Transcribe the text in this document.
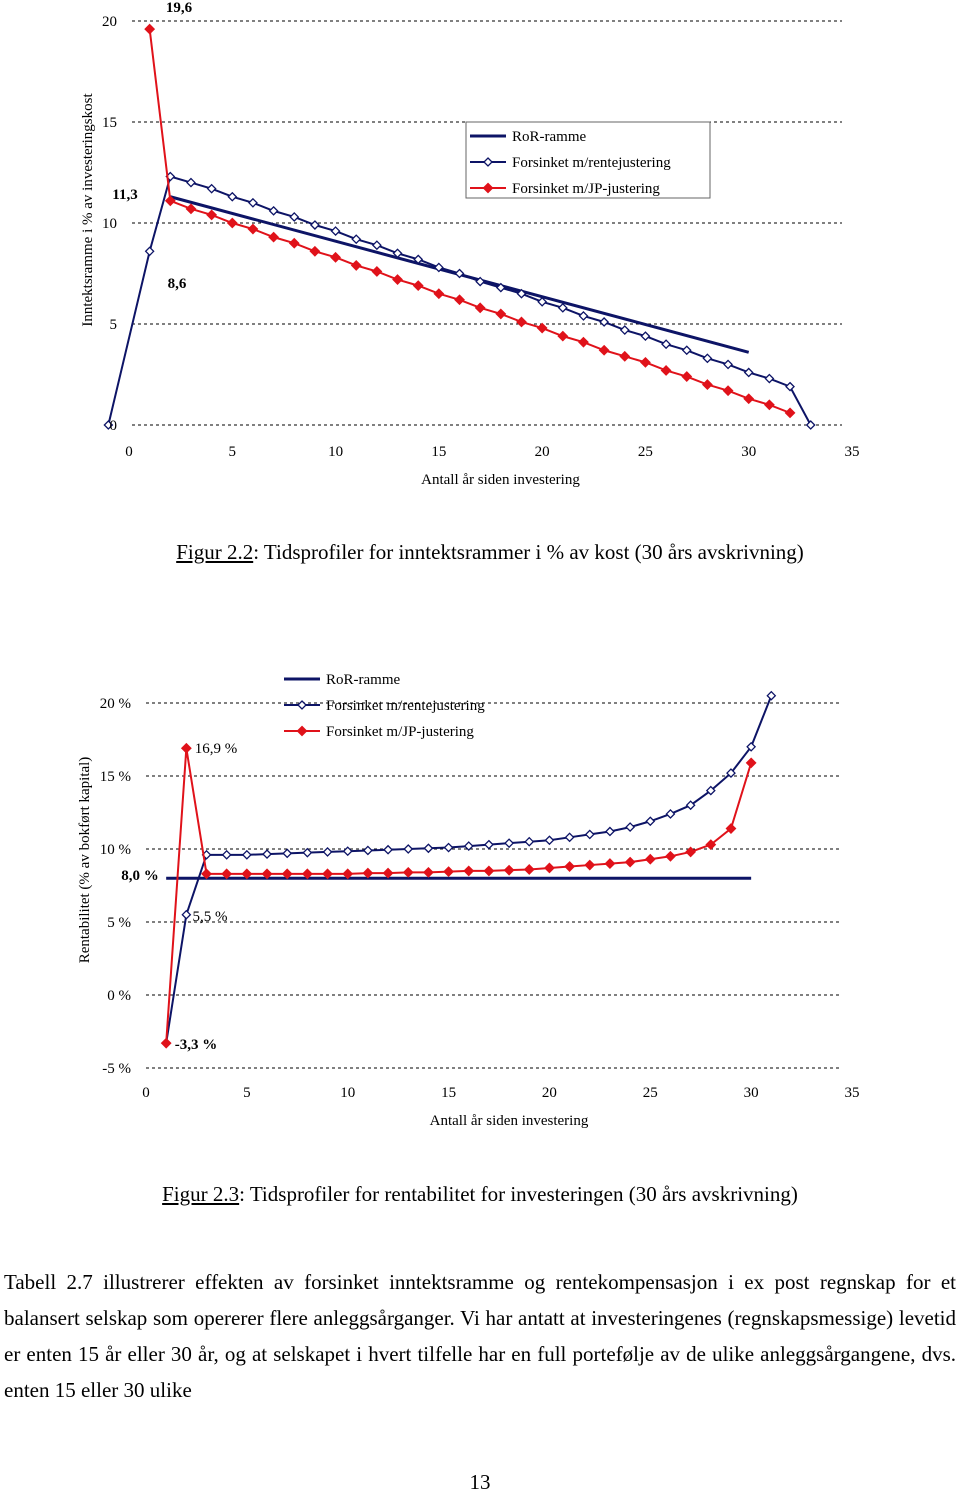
0
5
10
15
20
0	5	10	15	20	25	30	35
Antall år siden investering
Inntektsramme i % av investeringskost
19,6
11,3
8,6
RoR-ramme
Forsinket m/rentejustering
Forsinket m/JP-justering
Figur 2.2: Tidsprofiler for inntektsrammer i % av kost (30 års avskrivning)
-5 %
0 %
5 %
10 %
15 %
20 %
0	5	10	15	20	25	30	35
Antall år siden investering
Rentabilitet (% av bokført kapital)
16,9 %
8,0 %
5,5 %
-3,3 %
RoR-ramme
Forsinket m/rentejustering
Forsinket m/JP-justering
Figur 2.3: Tidsprofiler for rentabilitet for investeringen (30 års avskrivning)

Tabell 2.7 illustrerer effekten av forsinket inntektsramme og rentekompensasjon i ex post regnskap for et balansert selskap som opererer flere anleggsårganger. Vi har antatt at investeringenes (regnskapsmessige) levetid er enten 15 år eller 30 år, og at selskapet i hvert tilfelle har en full portefølje av de ulike anleggsårgangene, dvs. enten 15 eller 30 ulike

13
